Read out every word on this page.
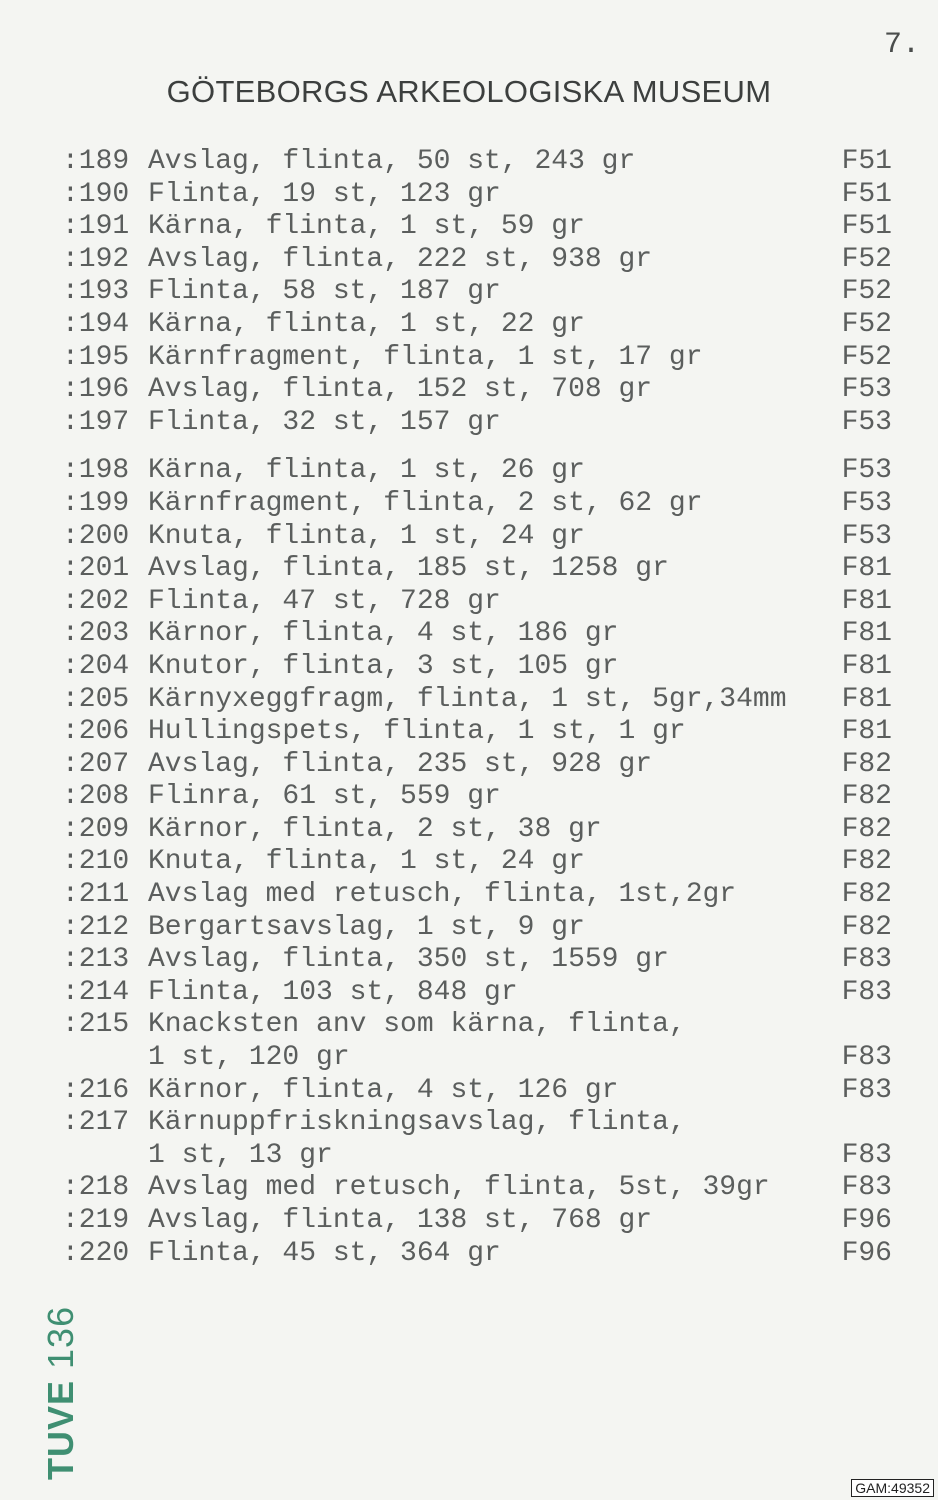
7.
GÖTEBORGS ARKEOLOGISKA MUSEUM
:189 Avslag, flinta, 50 st, 243 gr	F51
:190 Flinta, 19 st, 123 gr	F51
:191 Kärna, flinta, 1 st, 59 gr	F51
:192 Avslag, flinta, 222 st, 938 gr	F52
:193 Flinta, 58 st, 187 gr	F52
:194 Kärna, flinta, 1 st, 22 gr	F52
:195 Kärnfragment, flinta, 1 st, 17 gr	F52
:196 Avslag, flinta, 152 st, 708 gr	F53
:197 Flinta, 32 st, 157 gr	F53
:198 Kärna, flinta, 1 st, 26 gr	F53
:199 Kärnfragment, flinta, 2 st, 62 gr	F53
:200 Knuta, flinta, 1 st, 24 gr	F53
:201 Avslag, flinta, 185 st, 1258 gr	F81
:202 Flinta, 47 st, 728 gr	F81
:203 Kärnor, flinta, 4 st, 186 gr	F81
:204 Knutor, flinta, 3 st, 105 gr	F81
:205 Kärnyxeggfragm, flinta, 1 st, 5gr,34mm F81
:206 Hullingspets, flinta, 1 st, 1 gr	F81
:207 Avslag, flinta, 235 st, 928 gr	F82
:208 Flinra, 61 st, 559 gr	F82
:209 Kärnor, flinta, 2 st, 38 gr	F82
:210 Knuta, flinta, 1 st, 24 gr	F82
:211 Avslag med retusch, flinta, 1st,2gr	F82
:212 Bergartsavslag, 1 st, 9 gr	F82
:213 Avslag, flinta, 350 st, 1559 gr	F83
:214 Flinta, 103 st, 848 gr	F83
:215 Knacksten anv som kärna, flinta,
1 st, 120 gr	F83
:216 Kärnor, flinta, 4 st, 126 gr	F83
:217 Kärnuppfriskningsavslag, flinta,
1 st, 13 gr	F83
:218 Avslag med retusch, flinta, 5st, 39gr	F83
:219 Avslag, flinta, 138 st, 768 gr	F96
:220 Flinta, 45 st, 364 gr	F96
TUVE 136
GAM:49352
